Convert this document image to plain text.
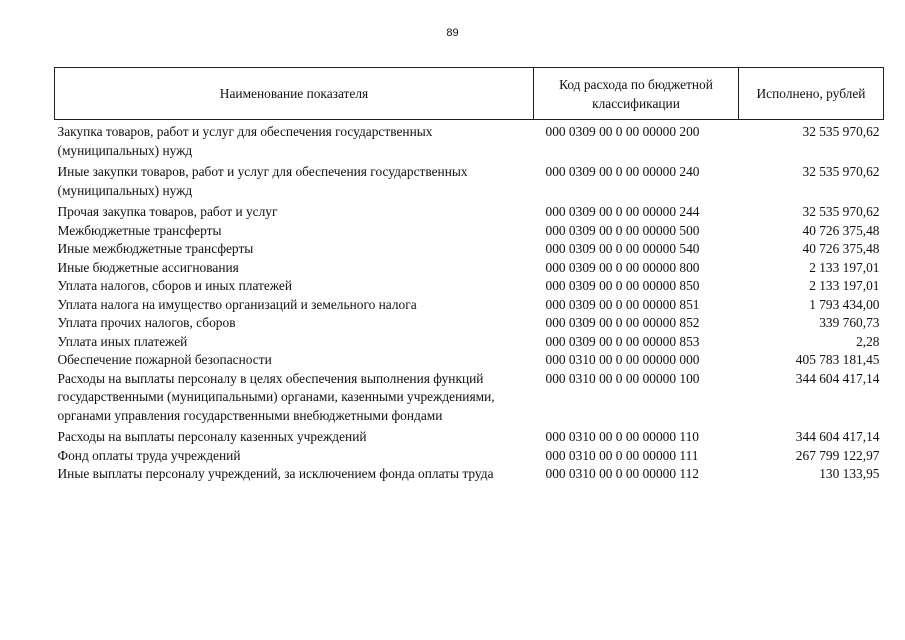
89
Наименование показателя	Код расхода по бюджетной классификации	Исполнено, рублей
Закупка товаров, работ и услуг для обеспечения государственных (муниципальных) нужд	000 0309 00 0 00 00000 200	32 535 970,62
Иные закупки товаров, работ и услуг для обеспечения государственных (муниципальных) нужд	000 0309 00 0 00 00000 240	32 535 970,62
Прочая закупка товаров, работ и услуг	000 0309 00 0 00 00000 244	32 535 970,62
Межбюджетные трансферты	000 0309 00 0 00 00000 500	40 726 375,48
Иные межбюджетные трансферты	000 0309 00 0 00 00000 540	40 726 375,48
Иные бюджетные ассигнования	000 0309 00 0 00 00000 800	2 133 197,01
Уплата налогов, сборов и иных платежей	000 0309 00 0 00 00000 850	2 133 197,01
Уплата налога на имущество организаций и земельного налога	000 0309 00 0 00 00000 851	1 793 434,00
Уплата прочих налогов, сборов	000 0309 00 0 00 00000 852	339 760,73
Уплата иных платежей	000 0309 00 0 00 00000 853	2,28
Обеспечение пожарной безопасности	000 0310 00 0 00 00000 000	405 783 181,45
Расходы на выплаты персоналу в целях обеспечения выполнения функций государственными (муниципальными) органами, казенными учреждениями, органами управления государственными внебюджетными фондами	000 0310 00 0 00 00000 100	344 604 417,14
Расходы на выплаты персоналу казенных учреждений	000 0310 00 0 00 00000 110	344 604 417,14
Фонд оплаты труда учреждений	000 0310 00 0 00 00000 111	267 799 122,97
Иные выплаты персоналу учреждений, за исключением фонда оплаты труда	000 0310 00 0 00 00000 112	130 133,95
